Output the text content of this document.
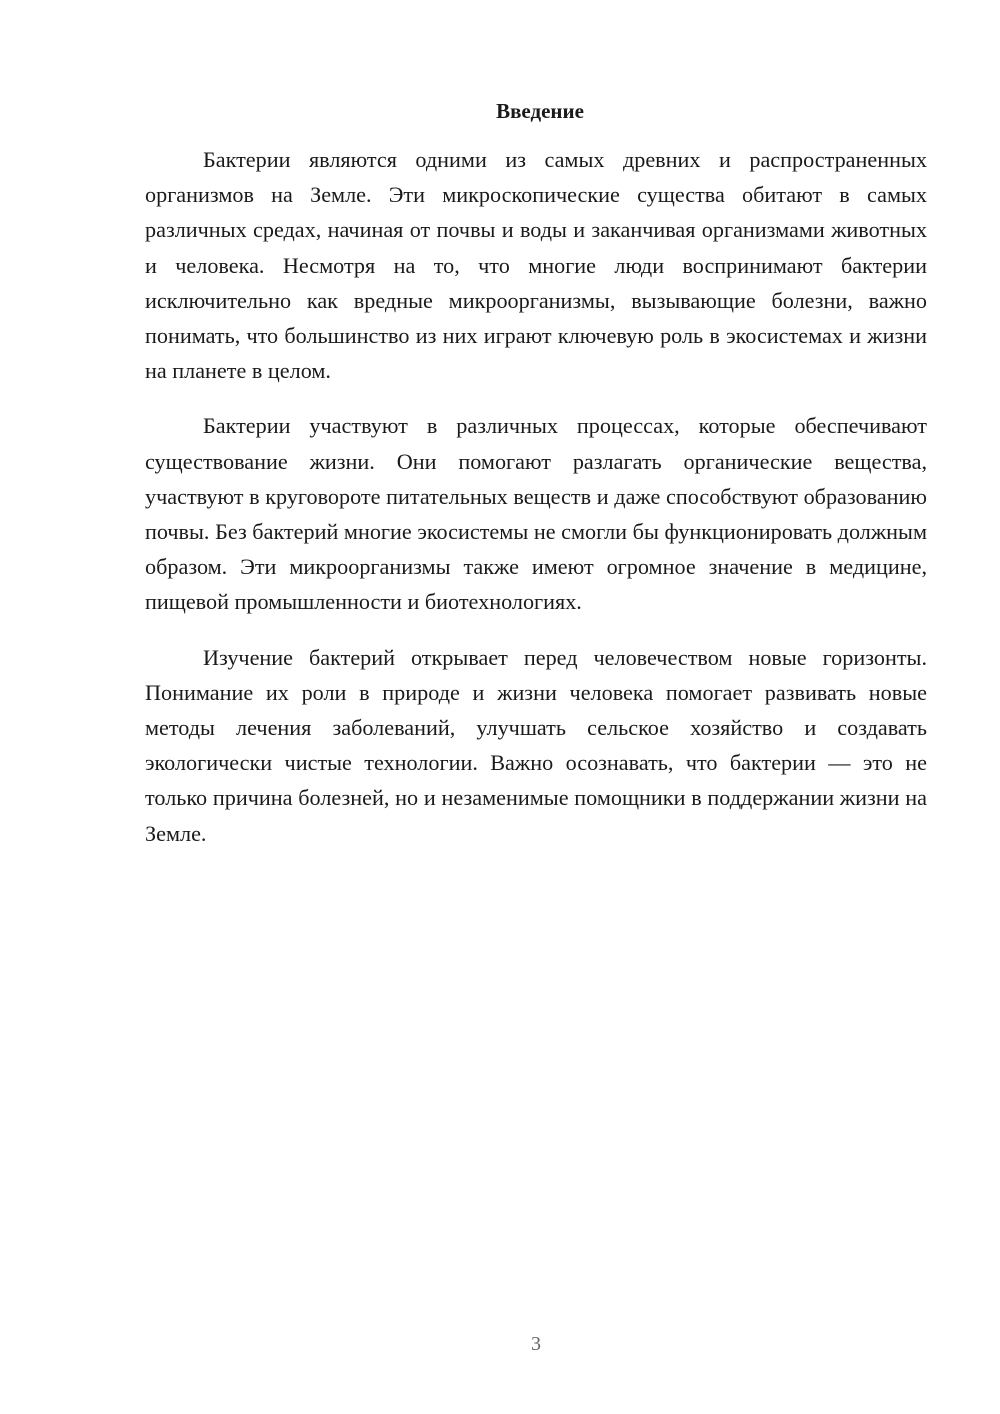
Введение

Бактерии являются одними из самых древних и распространенных организмов на Земле. Эти микроскопические существа обитают в самых различных средах, начиная от почвы и воды и заканчивая организмами животных и человека. Несмотря на то, что многие люди воспринимают бактерии исключительно как вредные микроорганизмы, вызывающие болезни, важно понимать, что большинство из них играют ключевую роль в экосистемах и жизни на планете в целом.

Бактерии участвуют в различных процессах, которые обеспечивают существование жизни. Они помогают разлагать органические вещества, участвуют в круговороте питательных веществ и даже способствуют образованию почвы. Без бактерий многие экосистемы не смогли бы функционировать должным образом. Эти микроорганизмы также имеют огромное значение в медицине, пищевой промышленности и биотехнологиях.

Изучение бактерий открывает перед человечеством новые горизонты. Понимание их роли в природе и жизни человека помогает развивать новые методы лечения заболеваний, улучшать сельское хозяйство и создавать экологически чистые технологии. Важно осознавать, что бактерии — это не только причина болезней, но и незаменимые помощники в поддержании жизни на Земле.

3
